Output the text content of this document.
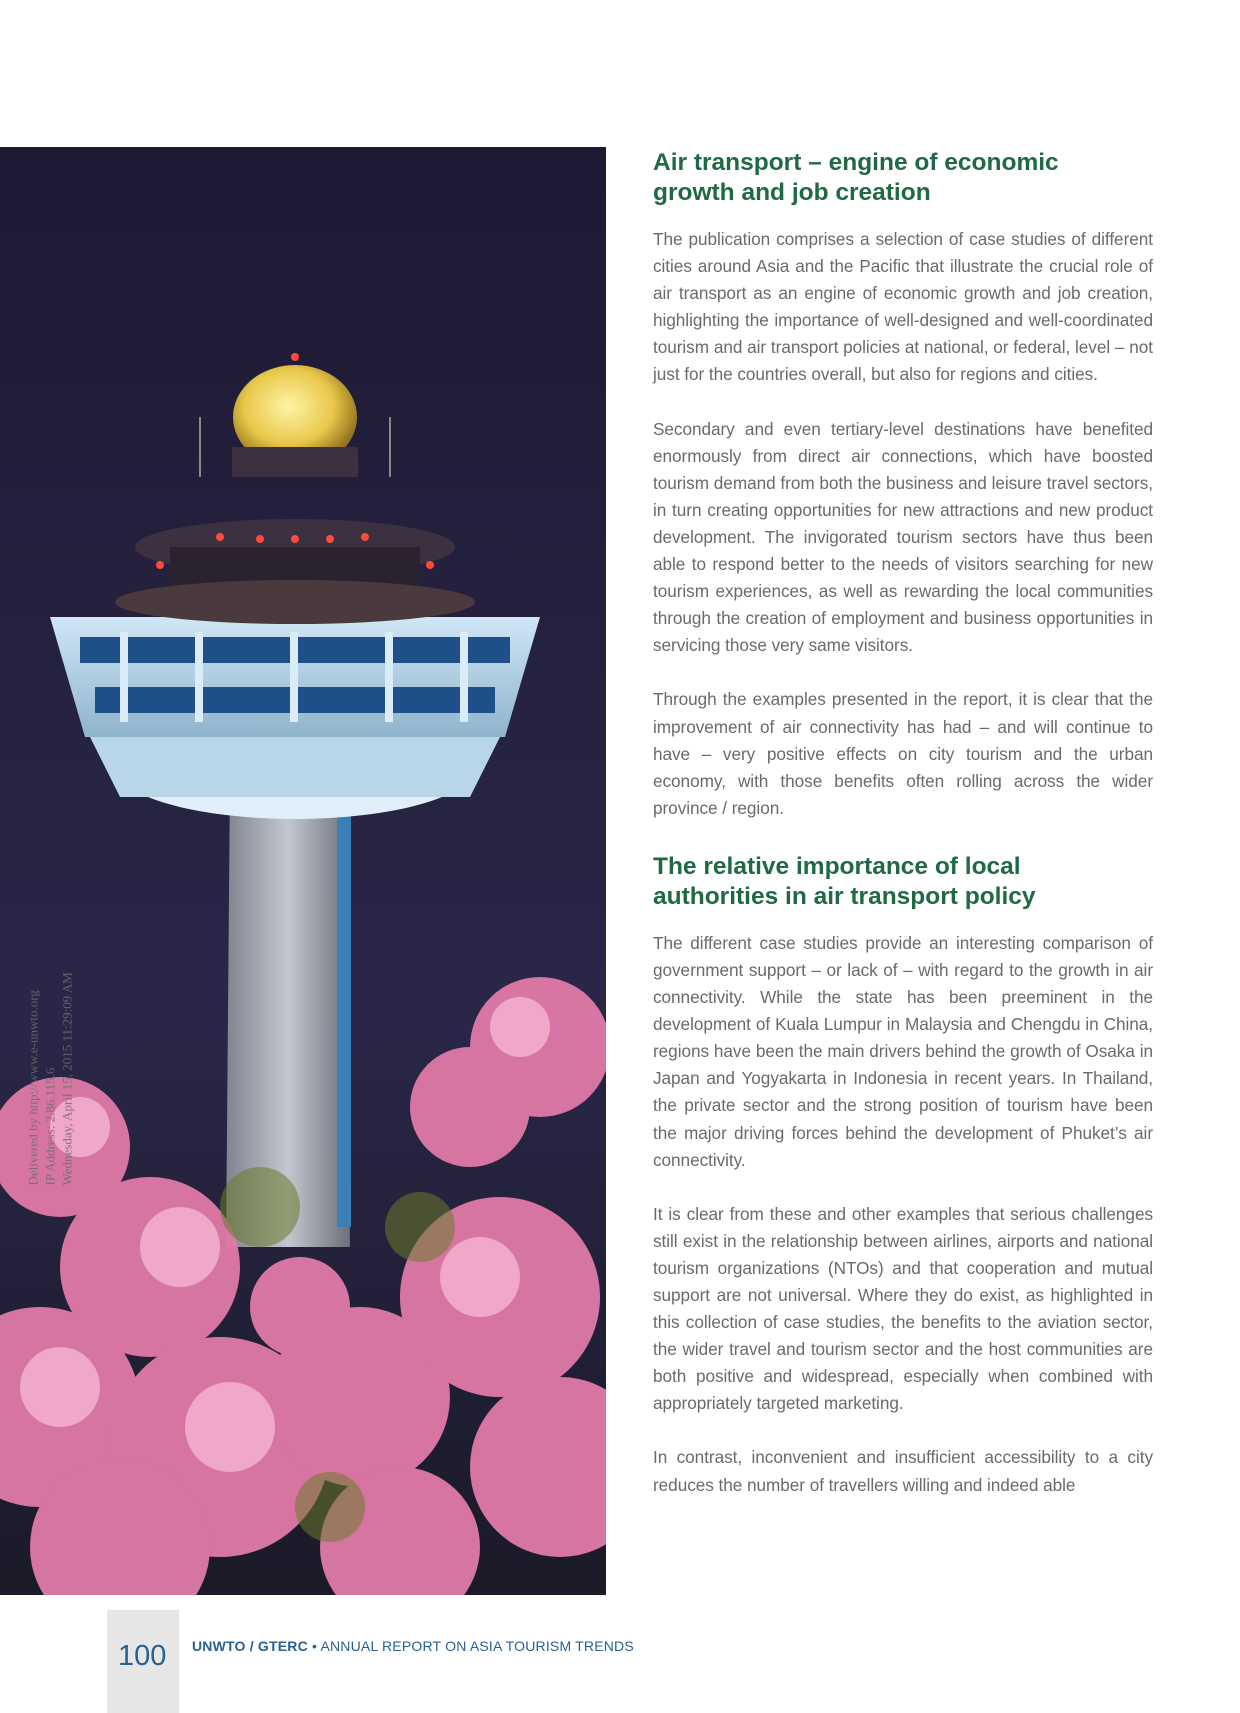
Delivered by http://www.e-unwto.org IP Address: 2.86.115.6 Wednesday, April 15, 2015 11:29:09 AM
Air transport – engine of economic
growth and job creation

The publication comprises a selection of case studies of different cities around Asia and the Pacific that illustrate the crucial role of air transport as an engine of economic growth and job creation, highlighting the importance of well-designed and well-coordinated tourism and air transport policies at national, or federal, level – not just for the countries overall, but also for regions and cities.

Secondary and even tertiary-level destinations have benefited enormously from direct air connections, which have boosted tourism demand from both the business and leisure travel sectors, in turn creating opportunities for new attractions and new product development. The invigorated tourism sectors have thus been able to respond better to the needs of visitors searching for new tourism experiences, as well as rewarding the local communities through the creation of employment and business opportunities in servicing those very same visitors.

Through the examples presented in the report, it is clear that the improvement of air connectivity has had – and will continue to have – very positive effects on city tourism and the urban economy, with those benefits often rolling across the wider province / region.

The relative importance of local
authorities in air transport policy

The different case studies provide an interesting comparison of government support – or lack of – with regard to the growth in air connectivity. While the state has been preeminent in the development of Kuala Lumpur in Malaysia and Chengdu in China, regions have been the main drivers behind the growth of Osaka in Japan and Yogyakarta in Indonesia in recent years. In Thailand, the private sector and the strong position of tourism have been the major driving forces behind the development of Phuket’s air connectivity.

It is clear from these and other examples that serious challenges still exist in the relationship between airlines, airports and national tourism organizations (NTOs) and that cooperation and mutual support are not universal. Where they do exist, as highlighted in this collection of case studies, the benefits to the aviation sector, the wider travel and tourism sector and the host communities are both positive and widespread, especially when combined with appropriately targeted marketing.

In contrast, inconvenient and insufficient accessibility to a city reduces the number of travellers willing and indeed able

100 UNWTO / GTERC • ANNUAL REPORT ON ASIA TOURISM TRENDS
